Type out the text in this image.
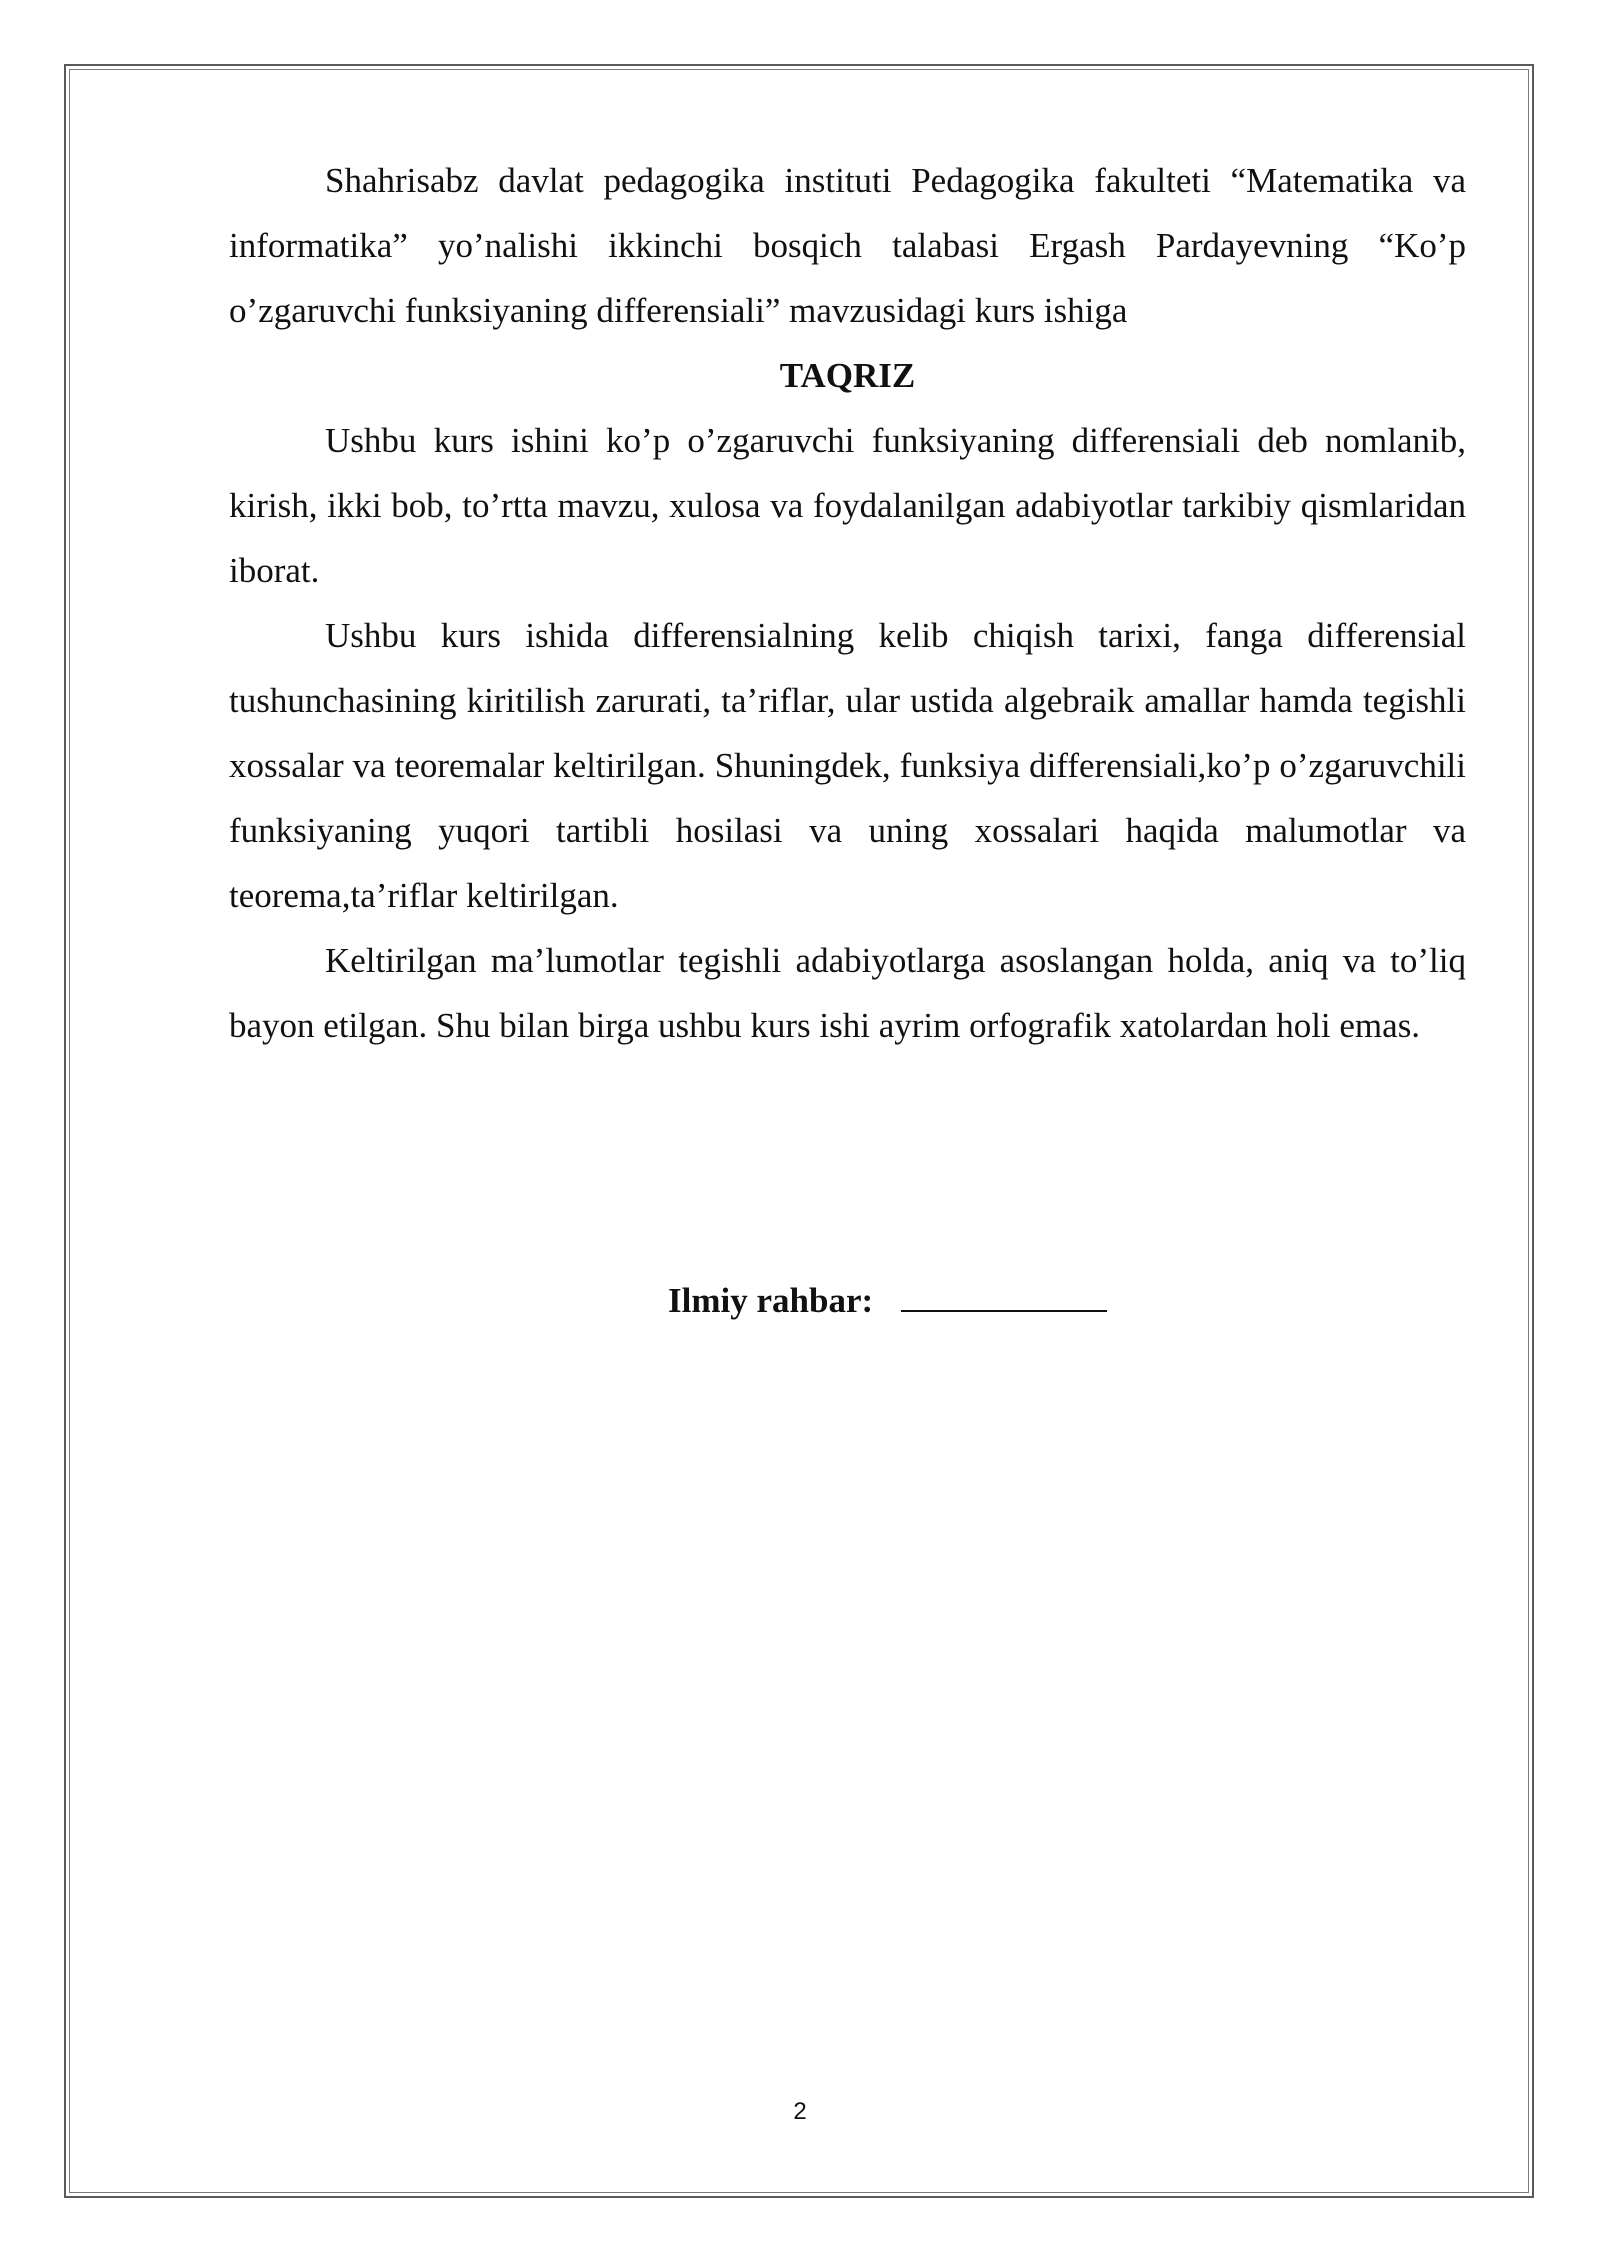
Shahrisabz davlat pedagogika instituti Pedagogika fakulteti “Matematika va informatika” yo’nalishi ikkinchi bosqich talabasi Ergash Pardayevning “Ko’p o’zgaruvchi funksiyaning differensiali” mavzusidagi kurs ishiga

TAQRIZ

Ushbu kurs ishini ko’p o’zgaruvchi funksiyaning differensiali deb nomlanib, kirish, ikki bob, to’rtta mavzu, xulosa va foydalanilgan adabiyotlar tarkibiy qismlaridan iborat.

Ushbu kurs ishida differensialning kelib chiqish tarixi, fanga differensial tushunchasining kiritilish zarurati, ta’riflar, ular ustida algebraik amallar hamda tegishli xossalar va teoremalar keltirilgan. Shuningdek, funksiya differensiali,ko’p o’zgaruvchili funksiyaning yuqori tartibli hosilasi va uning xossalari haqida malumotlar va teorema,ta’riflar keltirilgan.

Keltirilgan ma’lumotlar tegishli adabiyotlarga asoslangan holda, aniq va to’liq bayon etilgan. Shu bilan birga ushbu kurs ishi ayrim orfografik xatolardan holi emas.

Ilmiy rahbar:
2
